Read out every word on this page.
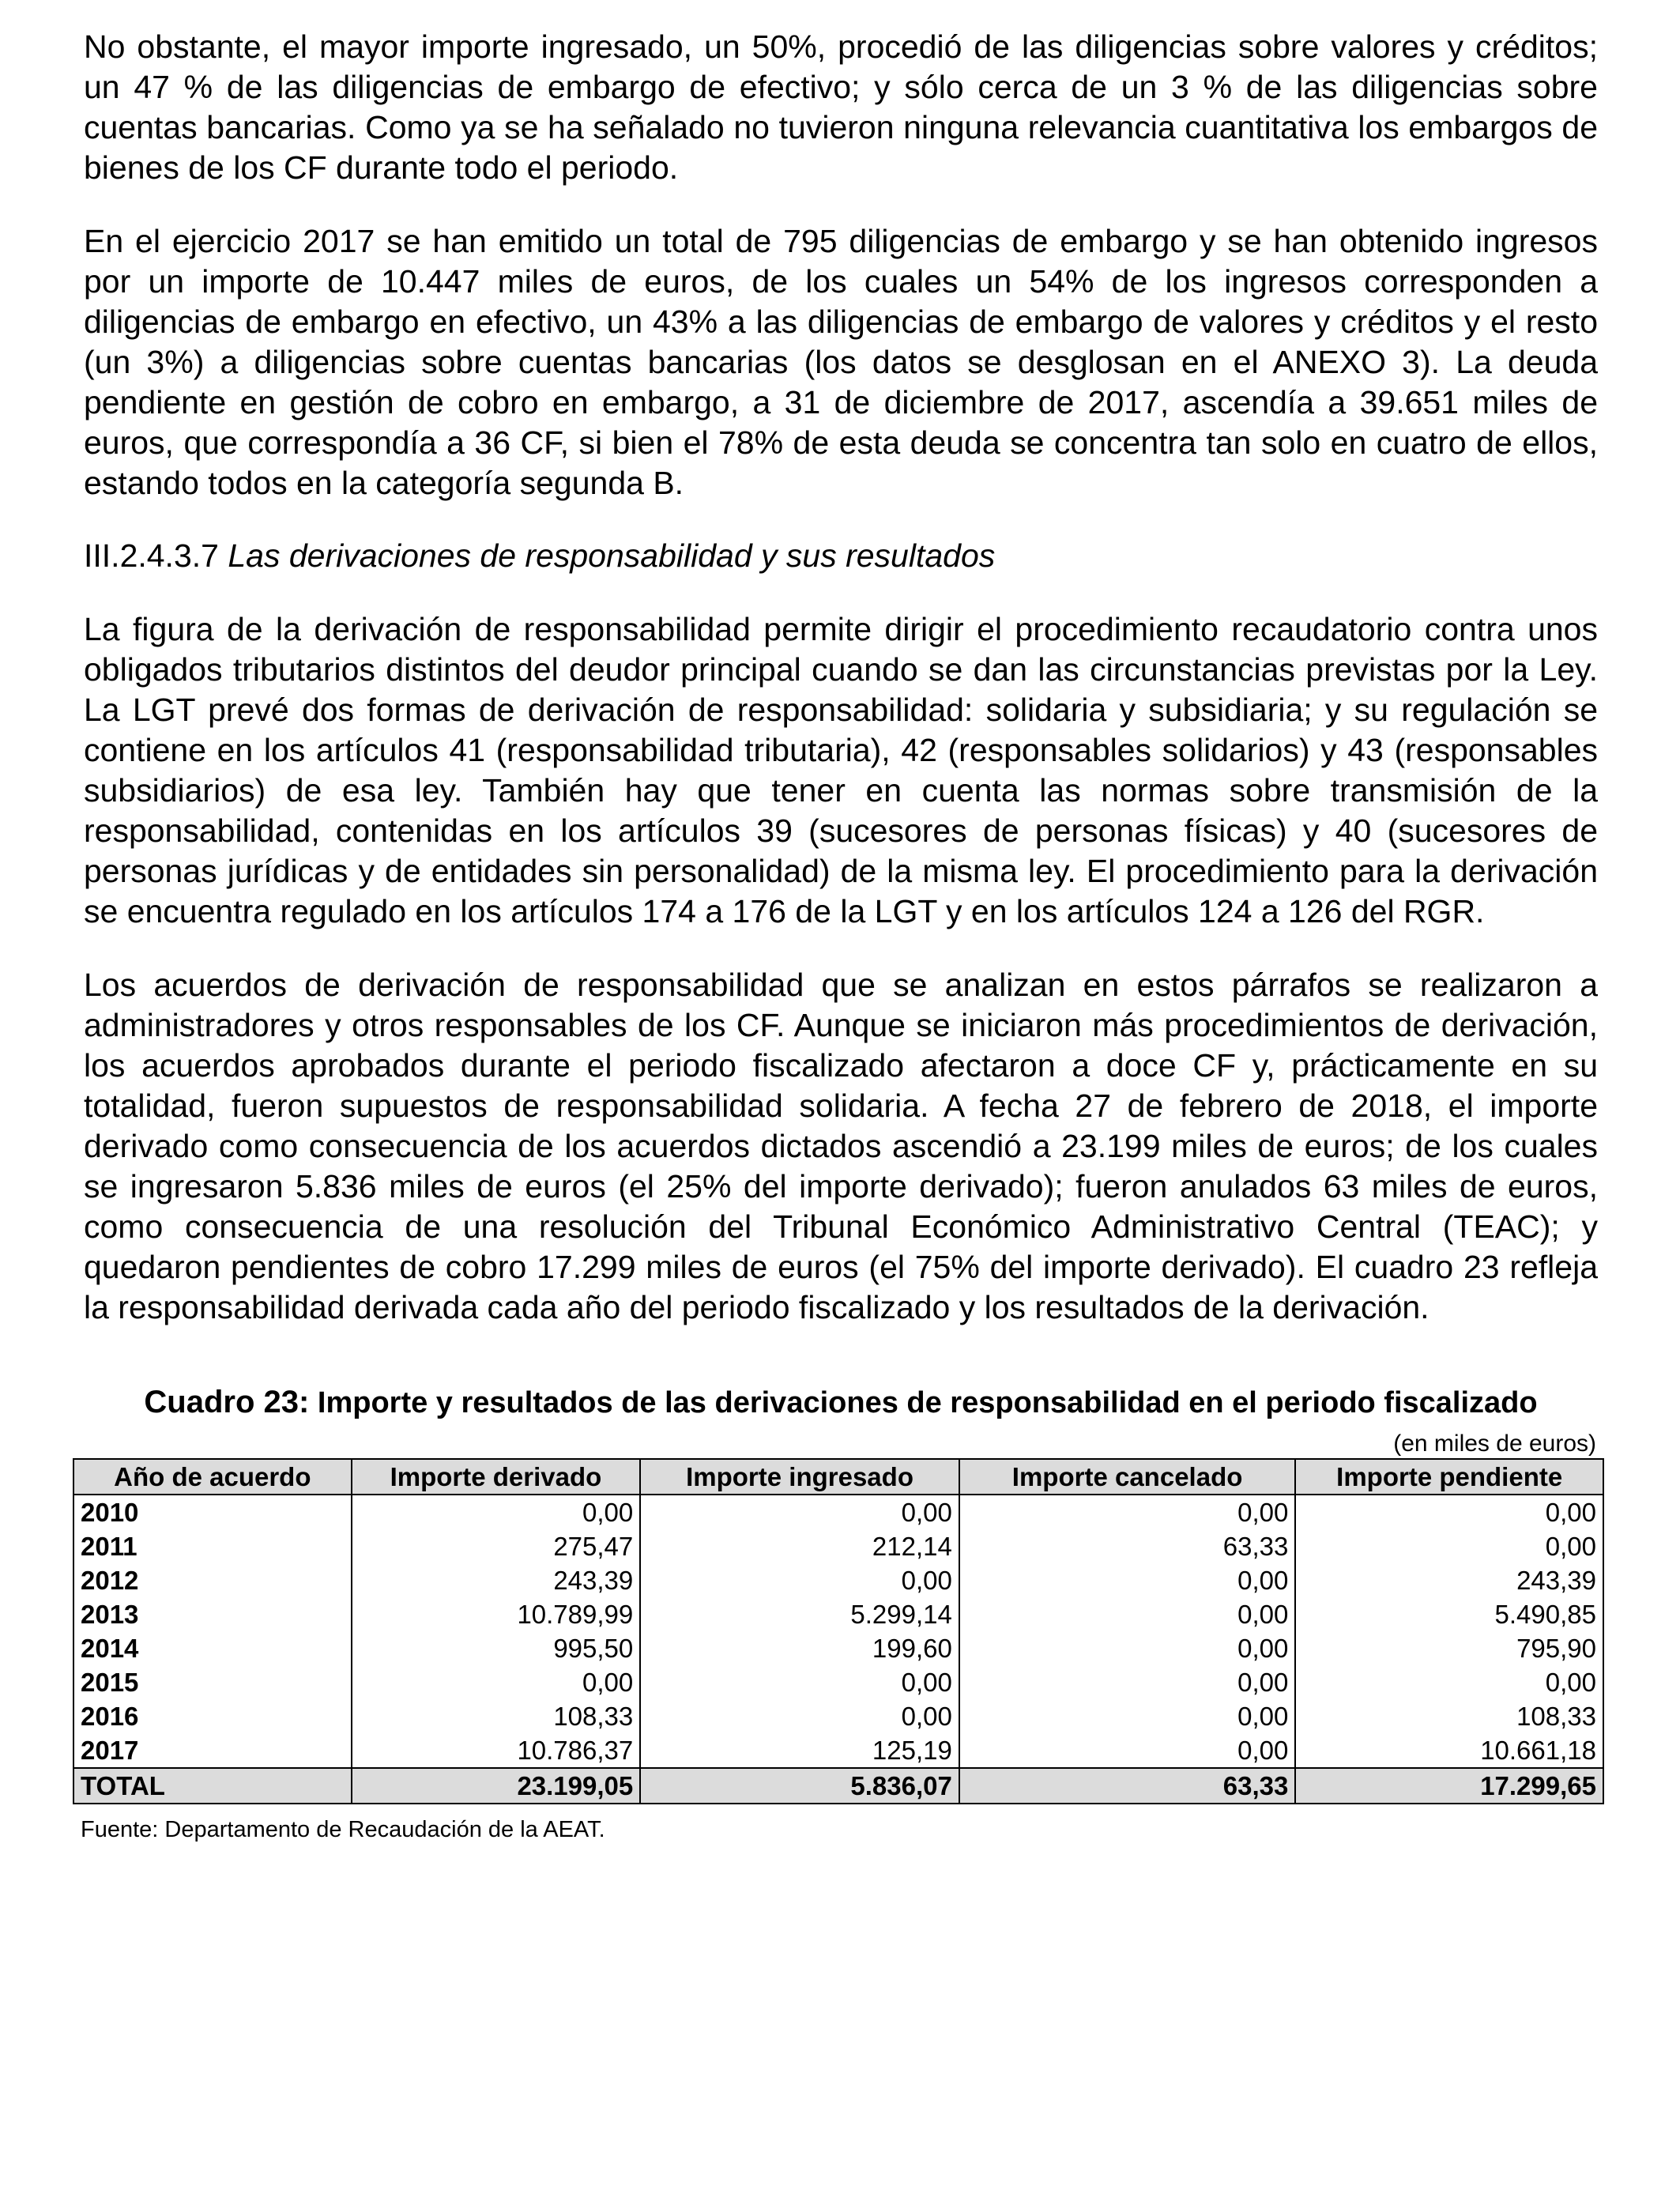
No obstante, el mayor importe ingresado, un 50%, procedió de las diligencias sobre valores y créditos; un 47 % de las diligencias de embargo de efectivo; y sólo cerca de un 3 % de las diligencias sobre cuentas bancarias. Como ya se ha señalado no tuvieron ninguna relevancia cuantitativa los embargos de bienes de los CF durante todo el periodo.

En el ejercicio 2017 se han emitido un total de 795 diligencias de embargo y se han obtenido ingresos por un importe de 10.447 miles de euros, de los cuales un 54% de los ingresos corresponden a diligencias de embargo en efectivo, un 43% a las diligencias de embargo de valores y créditos y el resto (un 3%) a diligencias sobre cuentas bancarias (los datos se desglosan en el ANEXO 3). La deuda pendiente en gestión de cobro en embargo, a 31 de diciembre de 2017, ascendía a 39.651 miles de euros, que correspondía a 36 CF, si bien el 78% de esta deuda se concentra tan solo en cuatro de ellos, estando todos en la categoría segunda B.

III.2.4.3.7 Las derivaciones de responsabilidad y sus resultados

La figura de la derivación de responsabilidad permite dirigir el procedimiento recaudatorio contra unos obligados tributarios distintos del deudor principal cuando se dan las circunstancias previstas por la Ley. La LGT prevé dos formas de derivación de responsabilidad: solidaria y subsidiaria; y su regulación se contiene en los artículos 41 (responsabilidad tributaria), 42 (responsables solidarios) y 43 (responsables subsidiarios) de esa ley. También hay que tener en cuenta las normas sobre transmisión de la responsabilidad, contenidas en los artículos 39 (sucesores de personas físicas) y 40 (sucesores de personas jurídicas y de entidades sin personalidad) de la misma ley. El procedimiento para la derivación se encuentra regulado en los artículos 174 a 176 de la LGT y en los artículos 124 a 126 del RGR.

Los acuerdos de derivación de responsabilidad que se analizan en estos párrafos se realizaron a administradores y otros responsables de los CF. Aunque se iniciaron más procedimientos de derivación, los acuerdos aprobados durante el periodo fiscalizado afectaron a doce CF y, prácticamente en su totalidad, fueron supuestos de responsabilidad solidaria. A fecha 27 de febrero de 2018, el importe derivado como consecuencia de los acuerdos dictados ascendió a 23.199 miles de euros; de los cuales se ingresaron 5.836 miles de euros (el 25% del importe derivado); fueron anulados 63 miles de euros, como consecuencia de una resolución del Tribunal Económico Administrativo Central (TEAC); y quedaron pendientes de cobro 17.299 miles de euros (el 75% del importe derivado). El cuadro 23 refleja la responsabilidad derivada cada año del periodo fiscalizado y los resultados de la derivación.

Cuadro 23: Importe y resultados de las derivaciones de responsabilidad en el periodo fiscalizado
(en miles de euros)
Año de acuerdo	Importe derivado	Importe ingresado	Importe cancelado	Importe pendiente
2010	0,00	0,00	0,00	0,00
2011	275,47	212,14	63,33	0,00
2012	243,39	0,00	0,00	243,39
2013	10.789,99	5.299,14	0,00	5.490,85
2014	995,50	199,60	0,00	795,90
2015	0,00	0,00	0,00	0,00
2016	108,33	0,00	0,00	108,33
2017	10.786,37	125,19	0,00	10.661,18
TOTAL	23.199,05	5.836,07	63,33	17.299,65
Fuente: Departamento de Recaudación de la AEAT.
